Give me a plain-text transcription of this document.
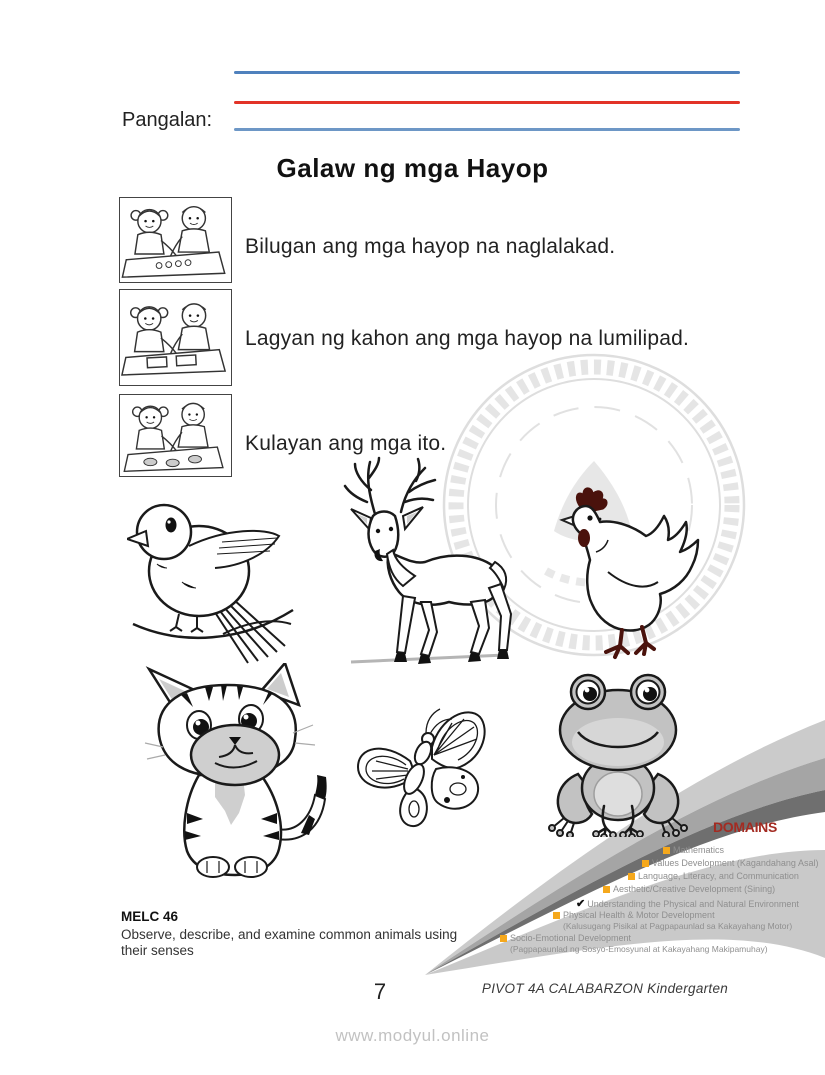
Pangalan:
Galaw ng mga Hayop

Bilugan ang mga hayop na naglalakad.

Lagyan ng kahon ang mga hayop na lumilipad.

Kulayan ang mga ito.

DOMAINS
Mathematics
Values Development (Kagandahang Asal)
Language, Literacy, and Communication
Aesthetic/Creative Development (Sining)
✔ Understanding the Physical and Natural Environment
Physical Health & Motor Development
(Kalusugang Pisikal at Pagpapaunlad sa Kakayahang Motor)
Socio-Emotional Development
(Pagpapaunlad ng Sosyo-Emosyunal at Kakayahang Makipamuhay)
MELC 46
Observe, describe, and examine common animals using their senses
7	PIVOT 4A CALABARZON Kindergarten
www.modyul.online
